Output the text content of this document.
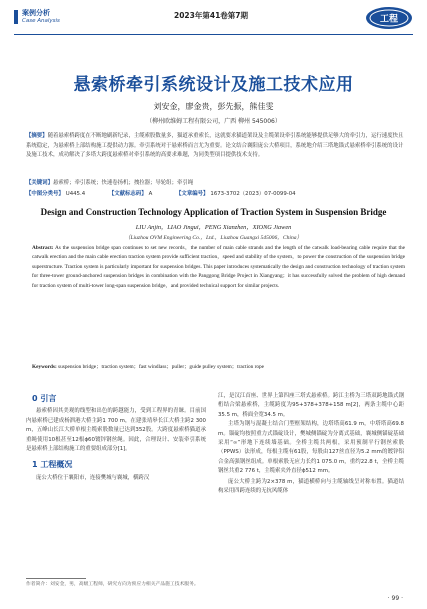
案例分析
Case Analysis
2023年第41卷第7期	工程
悬索桥牵引系统设计及施工技术应用
刘安金，廖金贵，彭先振，熊佳雯
（柳州欧维姆工程有限公司，广西 柳州 545006）
【摘要】随着悬索桥跨度在不断地刷新纪录，主缆索股数量多，猫道承重索长，这就要求猫道架设及主缆架设牵引系统能够提供足够大的牵引力，运行速度快且系统稳定，为悬索桥上部结构施工提供动力源。牵引系统对于悬索桥而言尤为重要。论文结合襄阳庞公大桥项目，系统地介绍三塔地锚式悬索桥牵引系统的设计及施工技术，成功解决了多塔大跨度悬索桥对牵引系统的高要求难题，为同类型项目提供技术支持。
【关键词】悬索桥；牵引系统；快速卷扬机；拽拉器；导轮组；牵引绳
【中图分类号】 U445.4	【文献标志码】 A	【文章编号】 1673-3702（2023）07-0099-04
Design and Construction Technology Application of Traction System in Suspension Bridge
LIU Anjin，LIAO Jingui，PENG Xianzhen，XIONG Jiawen
（Liuzhou OVM Engineering Co.，Ltd.，Liuzhou Guangxi 545006，China）
Abstract: As the suspension bridge span continues to set new records，the number of main cable strands and the length of the catwalk load-bearing cable require that the catwalk erection and the main cable erection traction system provide sufficient traction，speed and stability of the system，to power the construction of the suspension bridge superstructure. Traction system is particularly important for suspension bridges. This paper introduces systematically the design and construction technology of traction system for three-tower ground-anchored suspension bridges in combination with the Panggong Bridge Project in Xiangyang；it has successfully solved the problem of high demand for traction system of multi-tower long-span suspension bridge，and provided technical support for similar projects.
Keywords: suspension bridge；traction system；fast windlass；puller；guide pulley system；traction rope
0 引言
悬索桥因其美观的线型和出色的跨越能力，受到工程界的青睐。目前国内悬索桥已建成杨泗港大桥主跨1 700 m，在建张靖皋长江大桥主跨2 300 m，五峰山长江大桥单根主缆索股数量已达到352股。大跨度悬索桥猫道承重绳使用10根甚至12根ϕ60镀锌钢丝绳。因此，合理设计、安装牵引系统是悬索桥上部结构施工的重要组成部分[1]。
1 工程概况
庞公大桥位于襄阳市，连接樊城与襄城，横跨汉
江，是汉江首座、世界上第四座三塔式悬索桥。跨江主桥为三塔双跨地锚式钢桁结合梁悬索桥，主缆跨度为95+378+378+158 m[2]，两条主缆中心距35.5 m，桥面全宽34.5 m。
主塔为钢与混凝土结合门型框架结构，边塔塔高61.9 m，中塔塔高69.8 m。锚碇均按照重力式锚碇设计，樊城侧锚碇为分离式基础，襄城侧锚碇基础采用“∞”形地下连续墙基础。全桥主缆共两根，采用预制平行钢丝索股（PPWS）法形成，每根主缆有61股，每股由127丝直径为5.2 mm的镀锌铝合金高强钢丝组成。单根索股无应力长约1 075.0 m，重约22.8 t，全桥主缆钢丝共重2 776 t，主缆索夹外直径ϕ512 mm。
庞公大桥主跨为2×378 m，猫道横桥向与主缆轴线呈对称布置。猫道结构采用四跨连续的无抗风缆体
作者简介：刘安金，男，高级工程师，研究方向为预应力相关产品施工技术服务。
· 99 ·
